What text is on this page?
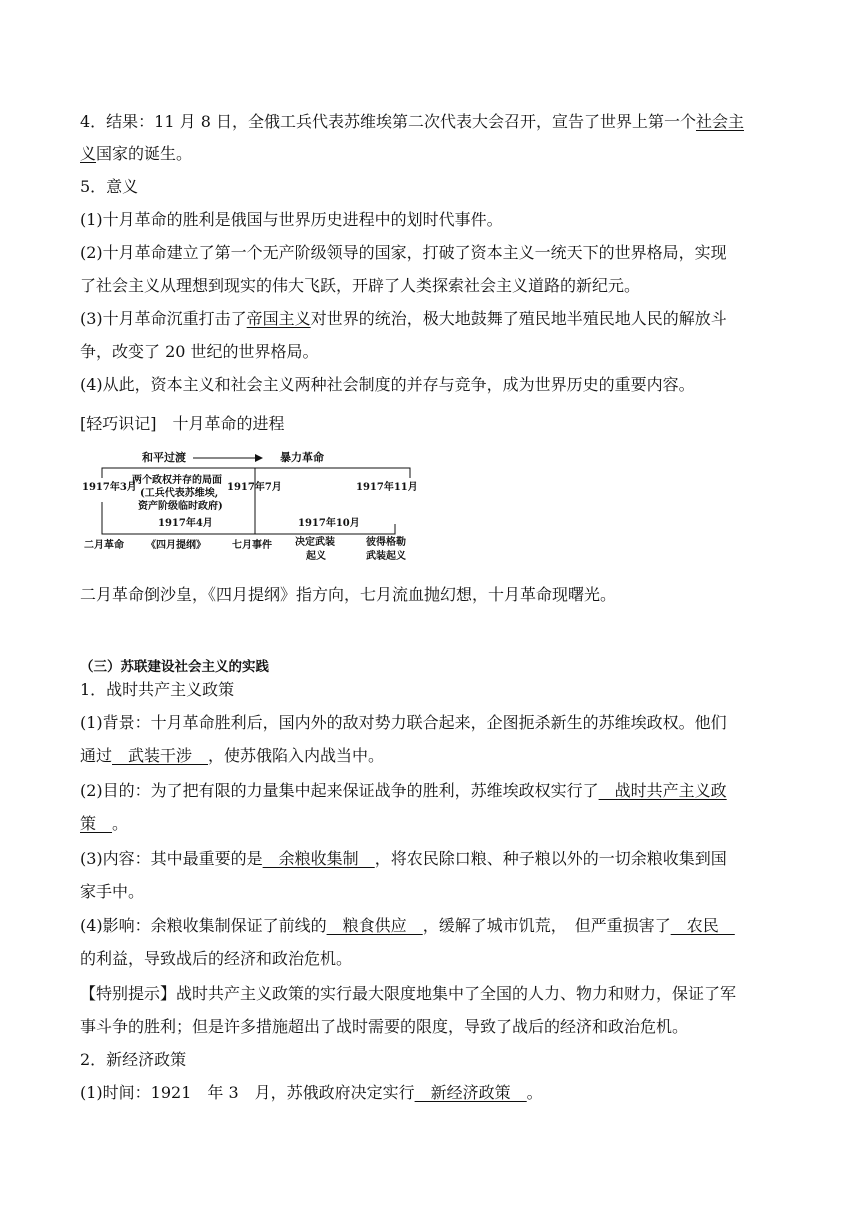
4．结果：11 月 8 日，全俄工兵代表苏维埃第二次代表大会召开，宣告了世界上第一个社会主
义国家的诞生。
5．意义
(1)十月革命的胜利是俄国与世界历史进程中的划时代事件。
(2)十月革命建立了第一个无产阶级领导的国家，打破了资本主义一统天下的世界格局，实现
了社会主义从理想到现实的伟大飞跃，开辟了人类探索社会主义道路的新纪元。
(3)十月革命沉重打击了帝国主义对世界的统治，极大地鼓舞了殖民地半殖民地人民的解放斗
争，改变了 20 世纪的世界格局。
(4)从此，资本主义和社会主义两种社会制度的并存与竞争，成为世界历史的重要内容。
[轻巧识记]　十月革命的进程
和平过渡	暴力革命
1917年3月	1917年7月	1917年11月
两个政权并存的局面
(工兵代表苏维埃,
资产阶级临时政府)
1917年4月	1917年10月
二月革命 《四月提纲》	七月事件 决定武装
起义
彼得格勒
武装起义
二月革命倒沙皇，《四月提纲》指方向，七月流血抛幻想，十月革命现曙光。
（三）苏联建设社会主义的实践
1．战时共产主义政策
(1)背景：十月革命胜利后，国内外的敌对势力联合起来，企图扼杀新生的苏维埃政权。他们
通过__武装干涉__，使苏俄陷入内战当中。
(2)目的：为了把有限的力量集中起来保证战争的胜利，苏维埃政权实行了__战时共产主义政
策__。
(3)内容：其中最重要的是__余粮收集制__，将农民除口粮、种子粮以外的一切余粮收集到国
家手中。
(4)影响：余粮收集制保证了前线的__粮食供应__，缓解了城市饥荒，　但严重损害了__农民__
的利益，导致战后的经济和政治危机。
【特别提示】战时共产主义政策的实行最大限度地集中了全国的人力、物力和财力，保证了军
事斗争的胜利；但是许多措施超出了战时需要的限度，导致了战后的经济和政治危机。
2．新经济政策
(1)时间：1921　年 3　月，苏俄政府决定实行__新经济政策__。
